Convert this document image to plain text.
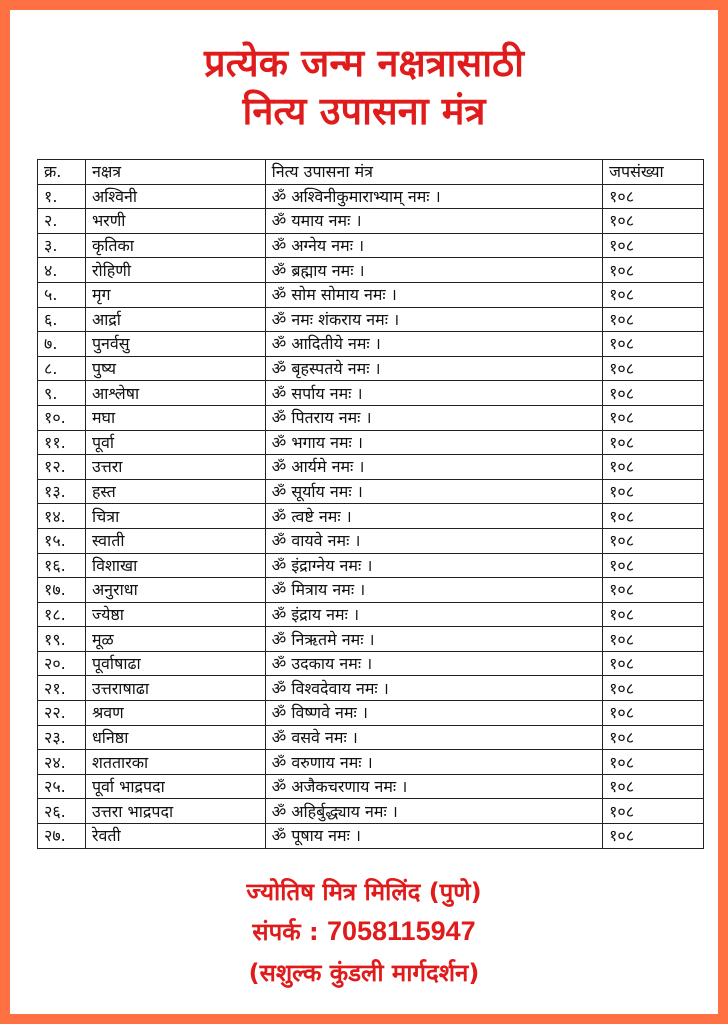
प्रत्येक जन्म नक्षत्रासाठी
नित्य उपासना मंत्र
क्र.	नक्षत्र	नित्य उपासना मंत्र	जपसंख्या
१.	अश्विनी	ॐ अश्विनीकुमाराभ्याम् नमः ।	१०८
२.	भरणी	ॐ यमाय नमः ।	१०८
३.	कृतिका	ॐ अग्नेय नमः ।	१०८
४.	रोहिणी	ॐ ब्रह्माय नमः ।	१०८
५.	मृग	ॐ सोम सोमाय नमः ।	१०८
६.	आर्द्रा	ॐ नमः शंकराय नमः ।	१०८
७.	पुनर्वसु	ॐ आदितीये नमः ।	१०८
८.	पुष्य	ॐ बृहस्पतये नमः ।	१०८
९.	आश्लेषा	ॐ सर्पाय नमः ।	१०८
१०.	मघा	ॐ पितराय नमः ।	१०८
११.	पूर्वा	ॐ भगाय नमः ।	१०८
१२.	उत्तरा	ॐ आर्यमे नमः ।	१०८
१३.	हस्त	ॐ सूर्याय नमः ।	१०८
१४.	चित्रा	ॐ त्वष्टे नमः ।	१०८
१५.	स्वाती	ॐ वायवे नमः ।	१०८
१६.	विशाखा	ॐ इंद्राग्नेय नमः ।	१०८
१७.	अनुराधा	ॐ मित्राय नमः ।	१०८
१८.	ज्येष्ठा	ॐ इंद्राय नमः ।	१०८
१९.	मूळ	ॐ निऋतमे नमः ।	१०८
२०.	पूर्वाषाढा	ॐ उदकाय नमः ।	१०८
२१.	उत्तराषाढा	ॐ विश्वदेवाय नमः ।	१०८
२२.	श्रवण	ॐ विष्णवे नमः ।	१०८
२३.	धनिष्ठा	ॐ वसवे नमः ।	१०८
२४.	शततारका	ॐ वरुणाय नमः ।	१०८
२५.	पूर्वा भाद्रपदा	ॐ अजैकचरणाय नमः ।	१०८
२६.	उत्तरा भाद्रपदा	ॐ अहिर्बुद्ध्याय नमः ।	१०८
२७.	रेवती	ॐ पूषाय नमः ।	१०८
ज्योतिष मित्र मिलिंद (पुणे)
संपर्क : 7058115947
(सशुल्क कुंडली मार्गदर्शन)
